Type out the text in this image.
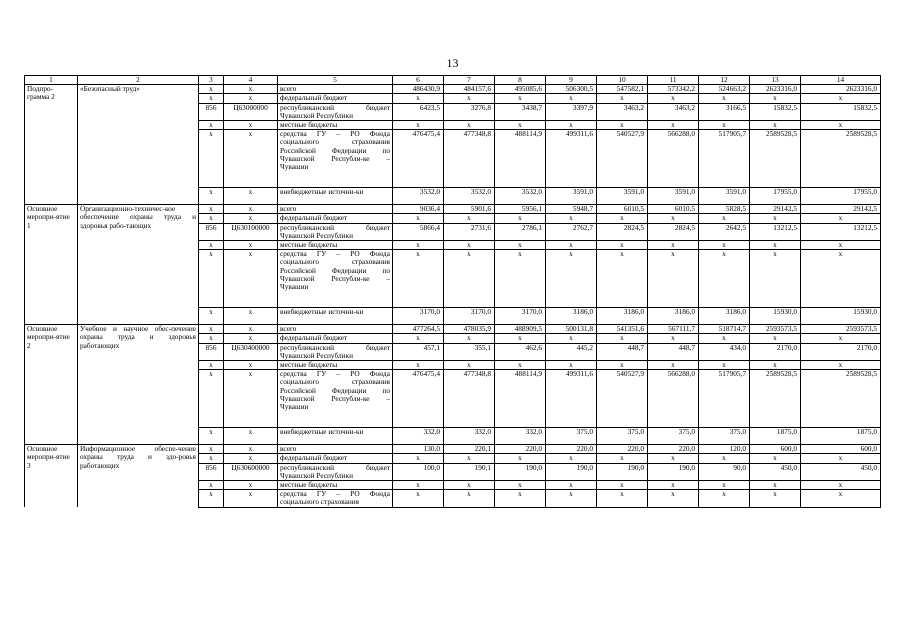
13
1	2	3	4	5	6	7	8	9	10	11	12	13	14
Подпро-грамма 2	«Безопасный труд»	х	х	всего	486430,9	484157,6	495085,6	506300,5	547582,1	573342,2	524663,2	2623316,0	2623316,0
		х	х	федеральный бюджет	х	х	х	х	х	х	х	х	х
		856	Ц63000000	республиканский бюджет Чувашской Республики	6423,5	3276,8	3438,7	3397,9	3463,2	3463,2	3166,5	15832,5	15832,5
		х	х	местные бюджеты	х	х	х	х	х	х	х	х	х
		х	х	средства ГУ – РО Фонда социального страхования Российской Федерации по Чувашской Республи-ке – Чувашии	476475,4	477348,8	488114,9	499311,6	540527,9	566288,0	517905,7	2589528,5	2589528,5
		х	х	внебюджетные источни-ки	3532,0	3532,0	3532,0	3591,0	3591,0	3591,0	3591,0	17955,0	17955,0
Основное меропри-ятие 1	Организационно-техничес-кое обеспечение охраны труда и здоровья рабо-тающих	х	х	всего	9036,4	5901,6	5956,1	5948,7	6010,5	6010,5	5828,5	29142,5	29142,5
		х	х	федеральный бюджет	х	х	х	х	х	х	х	х	х
		856	Ц630100000	республиканский бюджет Чувашской Республики	5866,4	2731,6	2786,1	2762,7	2824,5	2824,5	2642,5	13212,5	13212,5
		х	х	местные бюджеты	х	х	х	х	х	х	х	х	х
		х	х	средства ГУ – РО Фонда социального страхования Российской Федерации по Чувашской Республи-ке – Чувашии	х	х	х	х	х	х	х	х	х
		х	х	внебюджетные источни-ки	3170,0	3170,0	3170,0	3186,0	3186,0	3186,0	3186,0	15930,0	15930,0
Основное меропри-ятие 2	Учебное и научное обес-печение охраны труда и здоровья работающих	х	х	всего	477264,5	478035,9	488909,5	500131,8	541351,6	567111,7	518714,7	2593573,5	2593573,5
		х	х	федеральный бюджет	х	х	х	х	х	х	х	х	х
		856	Ц630400000	республиканский бюджет Чувашской Республики	457,1	355,1	462,6	445,2	448,7	448,7	434,0	2170,0	2170,0
		х	х	местные бюджеты	х	х	х	х	х	х	х	х	х
		х	х	средства ГУ – РО Фонда социального страхования Российской Федерации по Чувашской Республи-ке – Чувашии	476475,4	477348,8	488114,9	499311,6	540527,9	566288,0	517905,7	2589528,5	2589528,5
		х	х	внебюджетные источни-ки	332,0	332,0	332,0	375,0	375,0	375,0	375,0	1875,0	1875,0
Основное меропри-ятие 3	Информационное обеспе-чение охраны труда и здо-ровья работающих	х	х	всего	130,0	220,1	220,0	220,0	220,0	220,0	120,0	600,0	600,0
		х	х	федеральный бюджет	х	х	х	х	х	х	х	х	х
		856	Ц630600000	республиканский бюджет Чувашской Республики	100,0	190,1	190,0	190,0	190,0	190,0	90,0	450,0	450,0
		х	х	местные бюджеты	х	х	х	х	х	х	х	х	х
		х	х	средства ГУ – РО Фонда социального страхования	х	х	х	х	х	х	х	х	х
